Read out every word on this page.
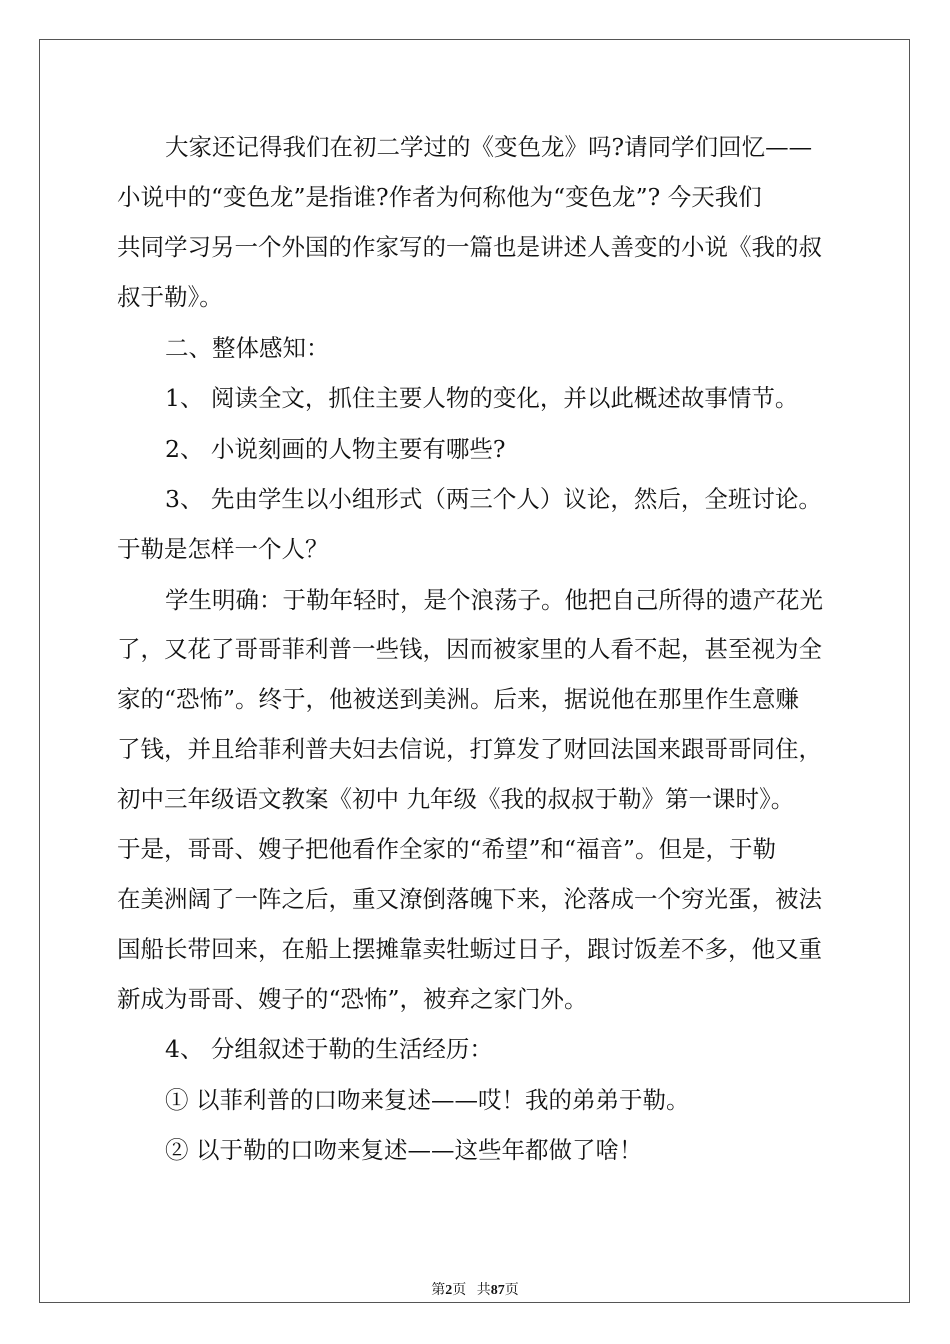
大家还记得我们在初二学过的《变色龙》吗?请同学们回忆——
小说中的“变色龙”是指谁?作者为何称他为“变色龙”? 今天我们
共同学习另一个外国的作家写的一篇也是讲述人善变的小说《我的叔
叔于勒》。
二、整体感知：
1、 阅读全文，抓住主要人物的变化，并以此概述故事情节。
2、 小说刻画的人物主要有哪些?
3、 先由学生以小组形式（两三个人）议论，然后，全班讨论。
于勒是怎样一个人？
学生明确：于勒年轻时，是个浪荡子。他把自己所得的遗产花光
了，又花了哥哥菲利普一些钱，因而被家里的人看不起，甚至视为全
家的“恐怖”。终于，他被送到美洲。后来，据说他在那里作生意赚
了钱，并且给菲利普夫妇去信说，打算发了财回法国来跟哥哥同住，
初中三年级语文教案《初中 九年级《我的叔叔于勒》第一课时》。
于是，哥哥、嫂子把他看作全家的“希望”和“福音”。但是，于勒
在美洲阔了一阵之后，重又潦倒落魄下来，沦落成一个穷光蛋，被法
国船长带回来，在船上摆摊靠卖牡蛎过日子，跟讨饭差不多，他又重
新成为哥哥、嫂子的“恐怖”，被弃之家门外。
4、 分组叙述于勒的生活经历：
① 以菲利普的口吻来复述——哎！我的弟弟于勒。
② 以于勒的口吻来复述——这些年都做了啥！
第2页 共87页
